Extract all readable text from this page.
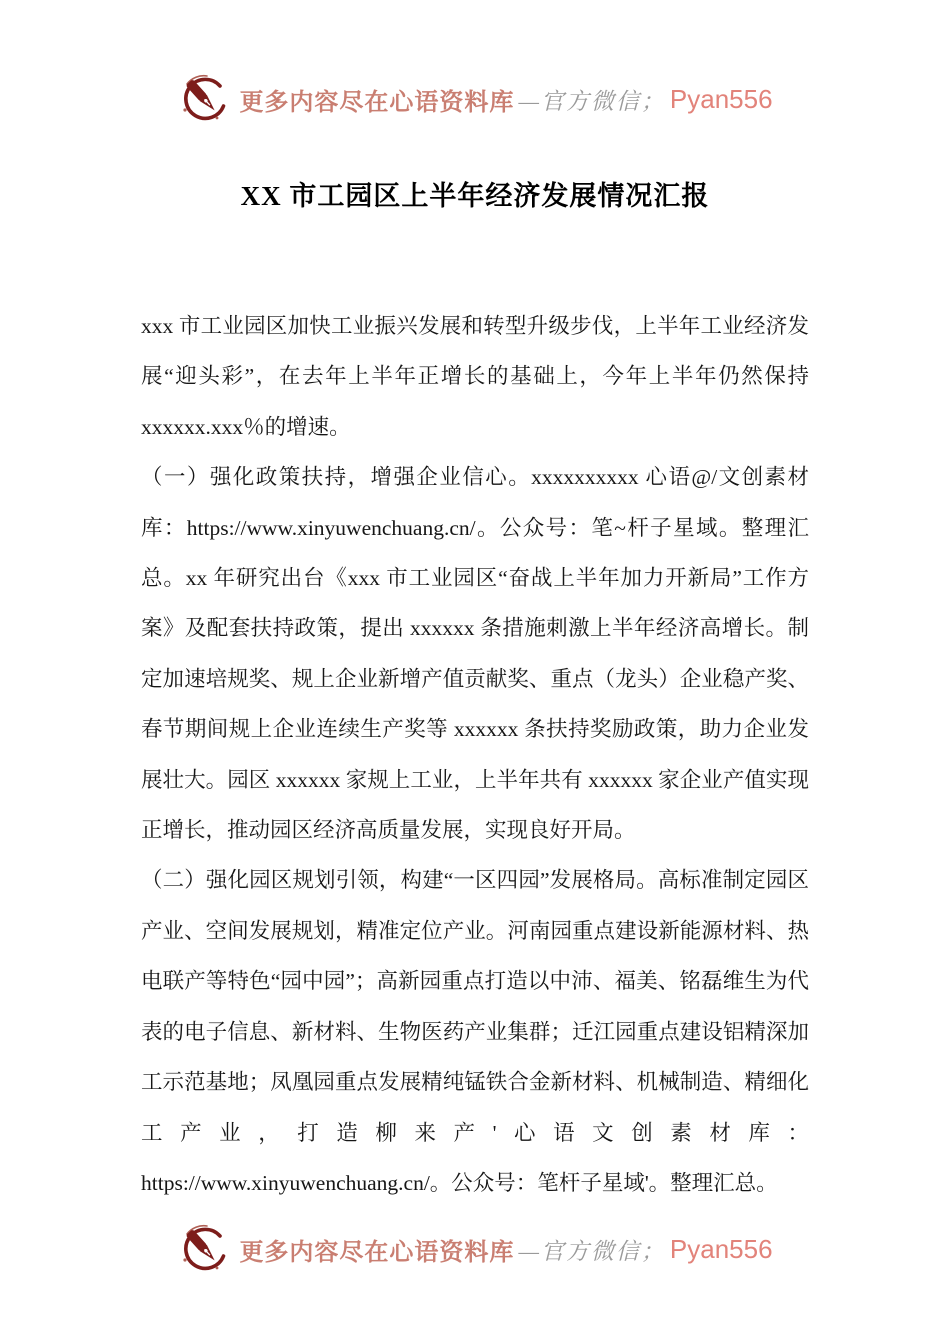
更多内容尽在心语资料库 —官方微信； Pyan556
XX 市工园区上半年经济发展情况汇报

xxx 市工业园区加快工业振兴发展和转型升级步伐，上半年工业经济发展“迎头彩”，在去年上半年正增长的基础上，今年上半年仍然保持 xxxxxx.xxx％的增速。

（一）强化政策扶持，增强企业信心。xxxxxxxxxx 心语@/文创素材库：https://www.xinyuwenchuang.cn/。公众号：笔~杆子星域。整理汇总。xx 年研究出台《xxx 市工业园区“奋战上半年加力开新局”工作方案》及配套扶持政策，提出 xxxxxx 条措施刺激上半年经济高增长。制定加速培规奖、规上企业新增产值贡献奖、重点（龙头）企业稳产奖、春节期间规上企业连续生产奖等 xxxxxx 条扶持奖励政策，助力企业发展壮大。园区 xxxxxx 家规上工业，上半年共有 xxxxxx 家企业产值实现正增长，推动园区经济高质量发展，实现良好开局。

（二）强化园区规划引领，构建“一区四园”发展格局。高标准制定园区产业、空间发展规划，精准定位产业。河南园重点建设新能源材料、热电联产等特色“园中园”；高新园重点打造以中沛、福美、铭磊维生为代表的电子信息、新材料、生物医药产业集群；迁江园重点建设铝精深加工示范基地；凤凰园重点发展精纯锰铁合金新材料、机械制造、精细化工产业，打造柳来产'心语文创素材库：https://www.xinyuwenchuang.cn/。公众号：笔杆子星域'。整理汇总。

更多内容尽在心语资料库 —官方微信； Pyan556
